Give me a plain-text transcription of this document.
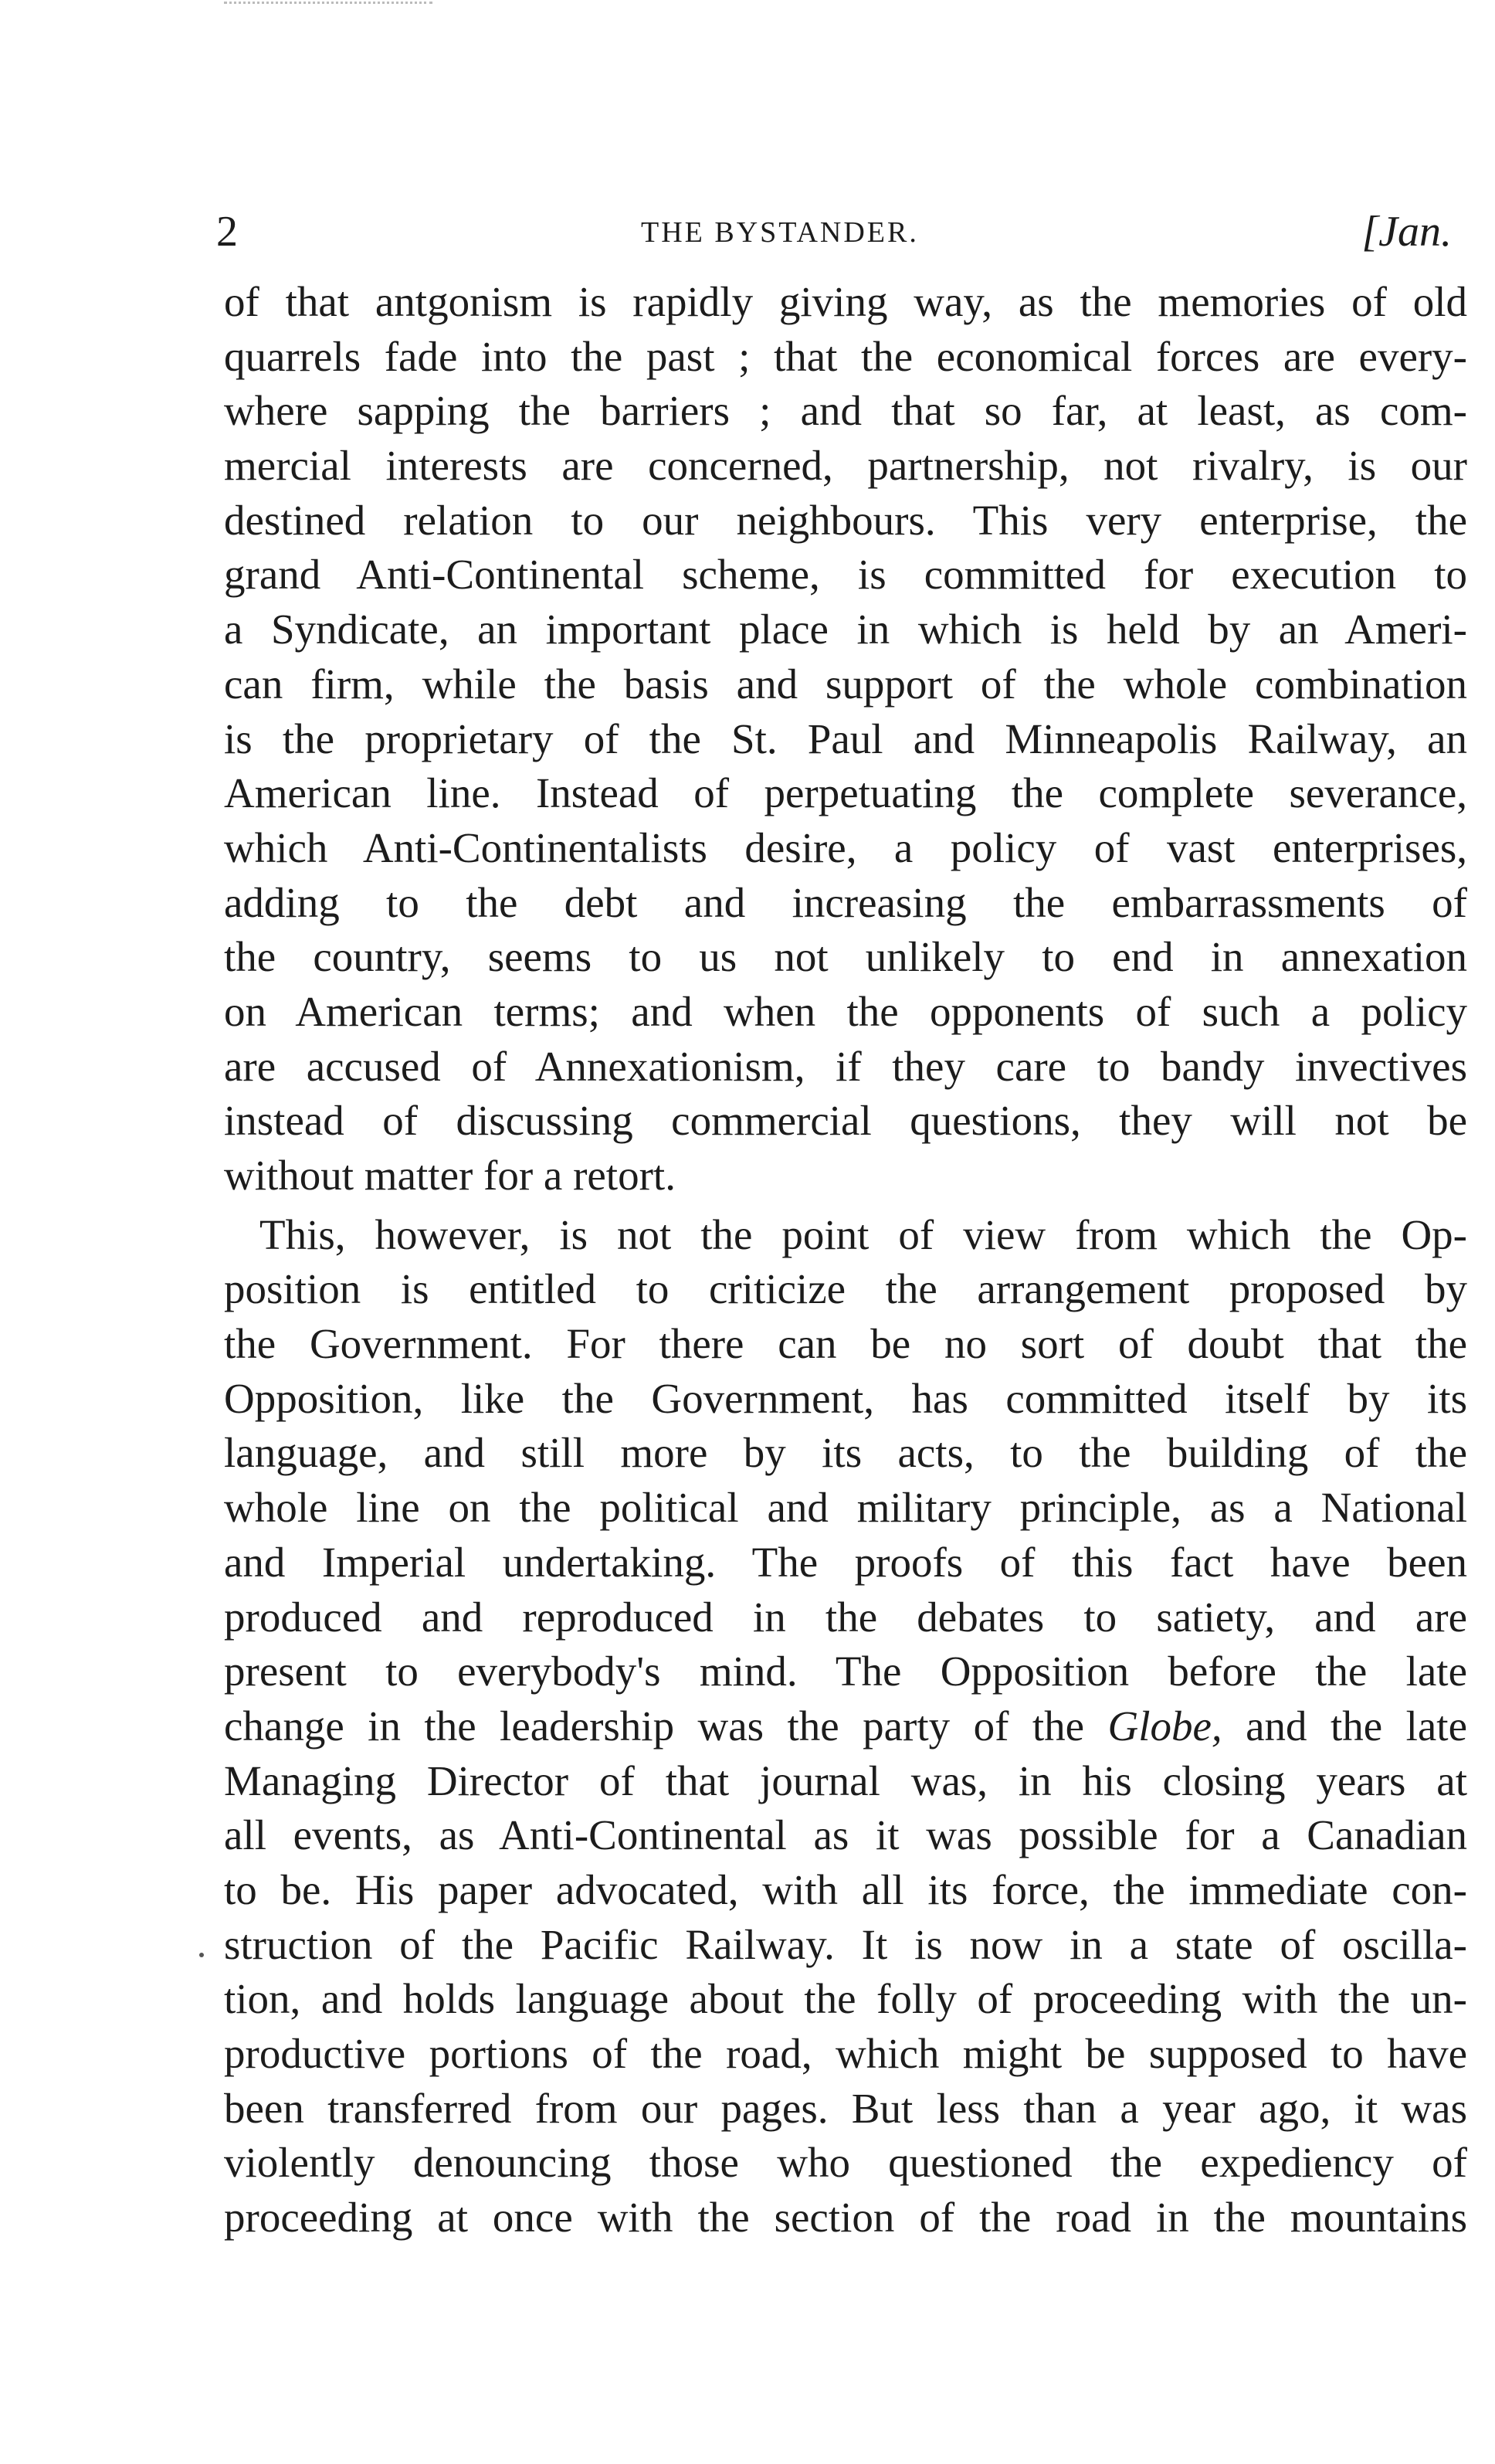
2	THE BYSTANDER.	[Jan.
of that antgonism is rapidly giving way, as the memories of old
quarrels fade into the past ; that the economical forces are every-
where sapping the barriers ; and that so far, at least, as com-
mercial interests are concerned, partnership, not rivalry, is our
destined relation to our neighbours. This very enterprise, the
grand Anti-Continental scheme, is committed for execution to
a Syndicate, an important place in which is held by an Ameri-
can firm, while the basis and support of the whole combination
is the proprietary of the St. Paul and Minneapolis Railway, an
American line. Instead of perpetuating the complete severance,
which Anti-Continentalists desire, a policy of vast enterprises,
adding to the debt and increasing the embarrassments of
the country, seems to us not unlikely to end in annexation
on American terms; and when the opponents of such a policy
are accused of Annexationism, if they care to bandy invectives
instead of discussing commercial questions, they will not be
without matter for a retort.
This, however, is not the point of view from which the Op-
position is entitled to criticize the arrangement proposed by
the Government. For there can be no sort of doubt that the
Opposition, like the Government, has committed itself by its
language, and still more by its acts, to the building of the
whole line on the political and military principle, as a National
and Imperial undertaking. The proofs of this fact have been
produced and reproduced in the debates to satiety, and are
present to everybody's mind. The Opposition before the late
change in the leadership was the party of the Globe, and the late
Managing Director of that journal was, in his closing years at
all events, as Anti-Continental as it was possible for a Canadian
to be. His paper advocated, with all its force, the immediate con-
struction of the Pacific Railway. It is now in a state of oscilla-
tion, and holds language about the folly of proceeding with the un-
productive portions of the road, which might be supposed to have
been transferred from our pages. But less than a year ago, it was
violently denouncing those who questioned the expediency of
proceeding at once with the section of the road in the mountains
